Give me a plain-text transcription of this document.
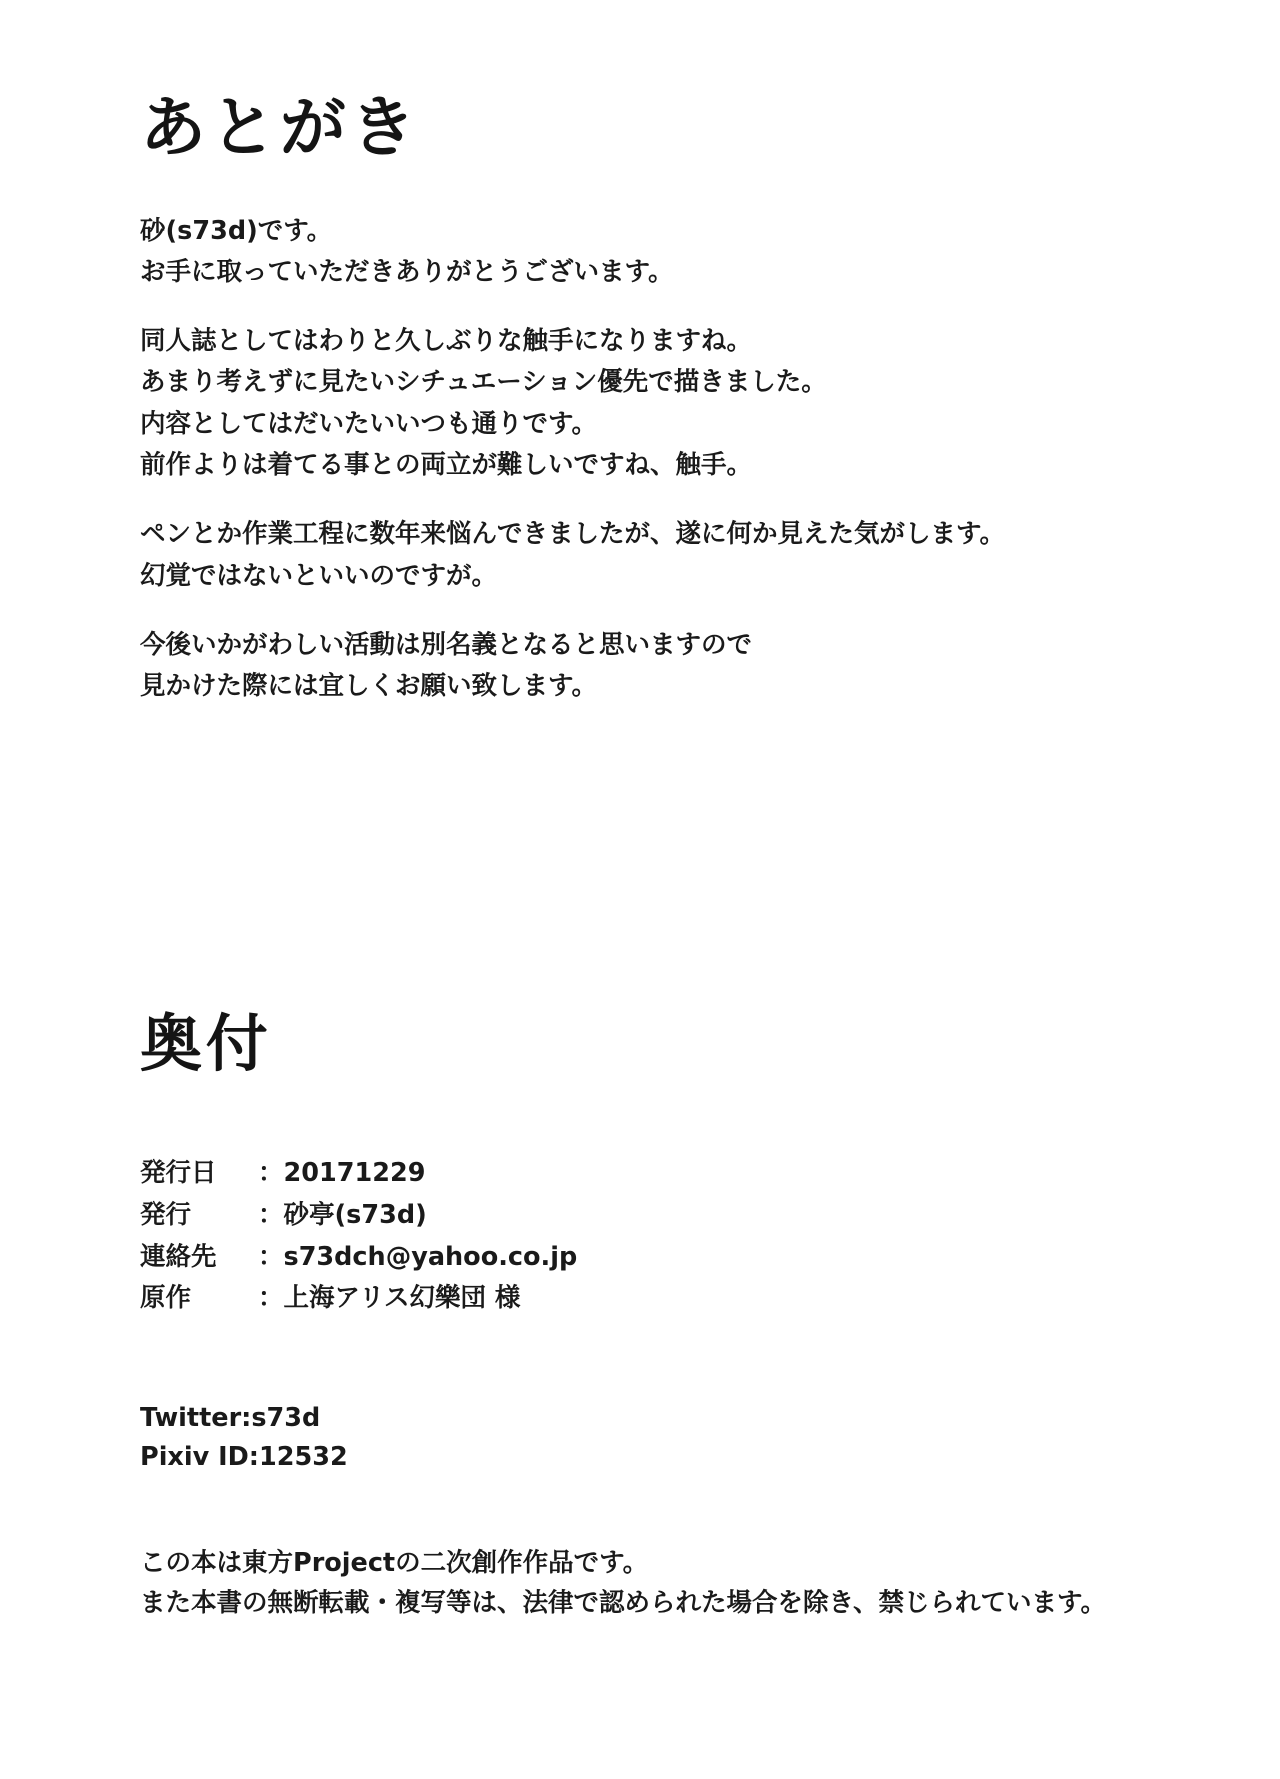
あとがき

砂(s73d)です。
お手に取っていただきありがとうございます。

同人誌としてはわりと久しぶりな触手になりますね。
あまり考えずに見たいシチュエーション優先で描きました。
内容としてはだいたいいつも通りです。
前作よりは着てる事との両立が難しいですね、触手。

ペンとか作業工程に数年来悩んできましたが、遂に何か見えた気がします。
幻覚ではないといいのですが。

今後いかがわしい活動は別名義となると思いますので
見かけた際には宜しくお願い致します。

奥付
発行日	：	20171229
発行	：	砂亭(s73d)
連絡先	：	s73dch@yahoo.co.jp
原作	：	上海アリス幻樂団 様
Twitter:s73d
Pixiv ID:12532
この本は東方Projectの二次創作作品です。
また本書の無断転載・複写等は、法律で認められた場合を除き、禁じられています。
